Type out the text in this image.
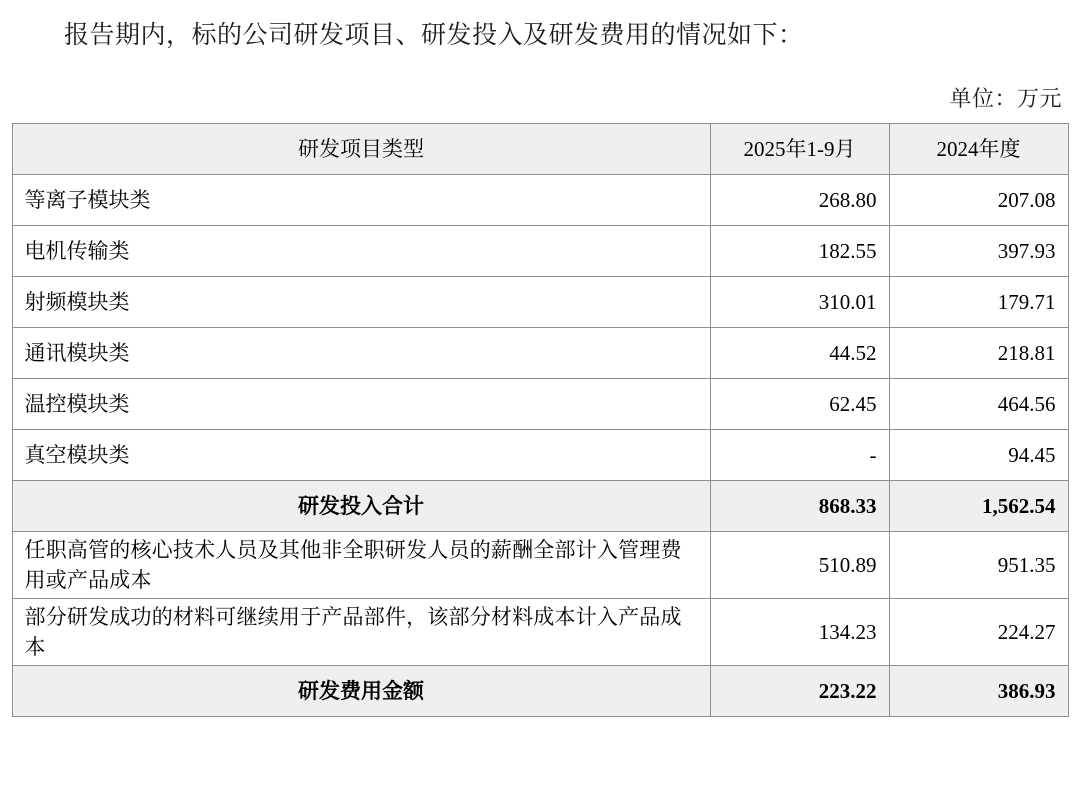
报告期内，标的公司研发项目、研发投入及研发费用的情况如下：

单位：万元
研发项目类型	2025年1-9月	2024年度
等离子模块类	268.80	207.08
电机传输类	182.55	397.93
射频模块类	310.01	179.71
通讯模块类	44.52	218.81
温控模块类	62.45	464.56
真空模块类	-	94.45
研发投入合计	868.33	1,562.54
任职高管的核心技术人员及其他非全职研发人员的薪酬全部计入管理费用或产品成本	510.89	951.35
部分研发成功的材料可继续用于产品部件，该部分材料成本计入产品成本	134.23	224.27
研发费用金额	223.22	386.93
